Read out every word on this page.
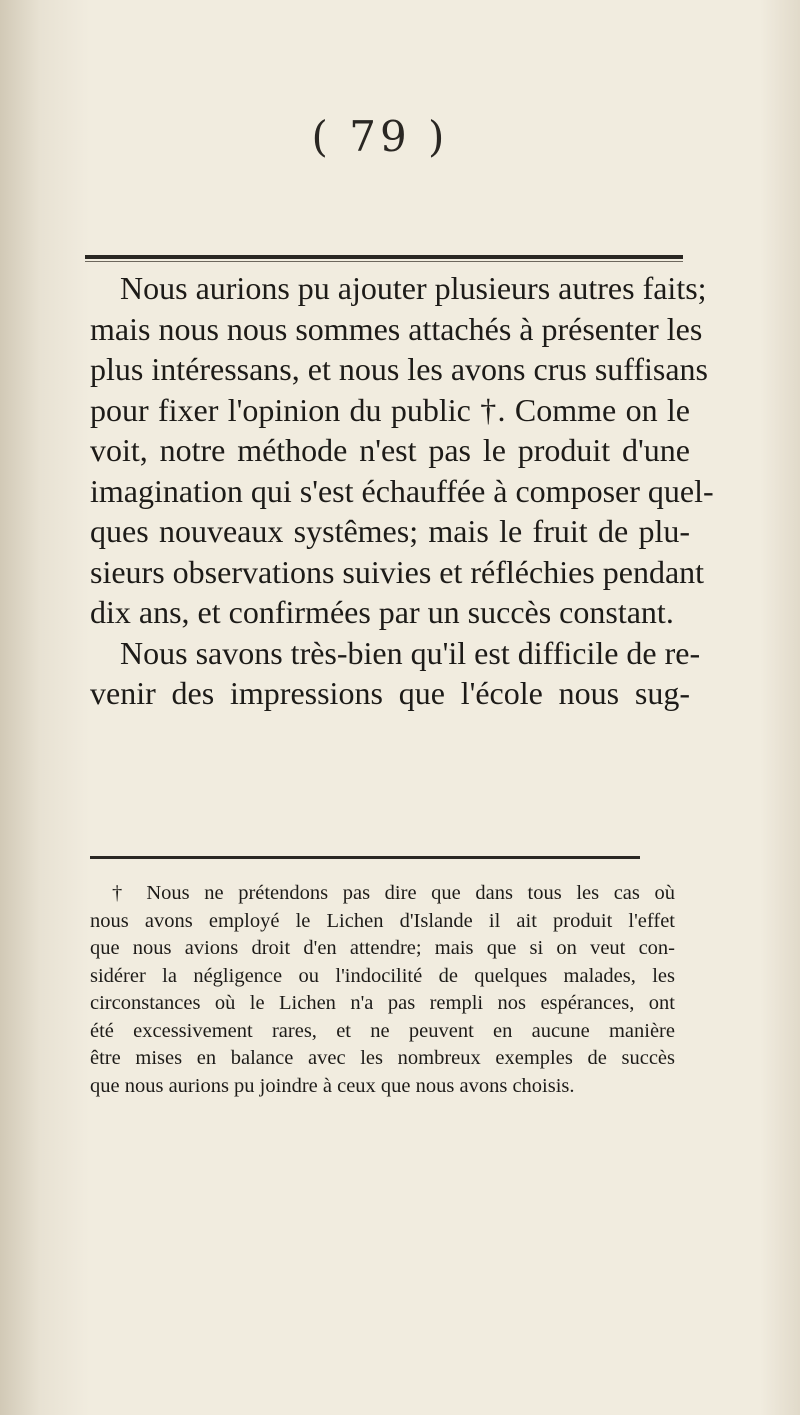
( 79 )
Nous aurions pu ajouter plusieurs autres faits;
mais nous nous sommes attachés à présenter les
plus intéressans, et nous les avons crus suffisans
pour fixer l'opinion du public †. Comme on le
voit, notre méthode n'est pas le produit d'une
imagination qui s'est échauffée à composer quel-
ques nouveaux systêmes; mais le fruit de plu-
sieurs observations suivies et réfléchies pendant
dix ans, et confirmées par un succès constant.
Nous savons très-bien qu'il est difficile de re-
venir des impressions que l'école nous sug-
† Nous ne prétendons pas dire que dans tous les cas où
nous avons employé le Lichen d'Islande il ait produit l'effet
que nous avions droit d'en attendre; mais que si on veut con-
sidérer la négligence ou l'indocilité de quelques malades, les
circonstances où le Lichen n'a pas rempli nos espérances, ont
été excessivement rares, et ne peuvent en aucune manière
être mises en balance avec les nombreux exemples de succès
que nous aurions pu joindre à ceux que nous avons choisis.
